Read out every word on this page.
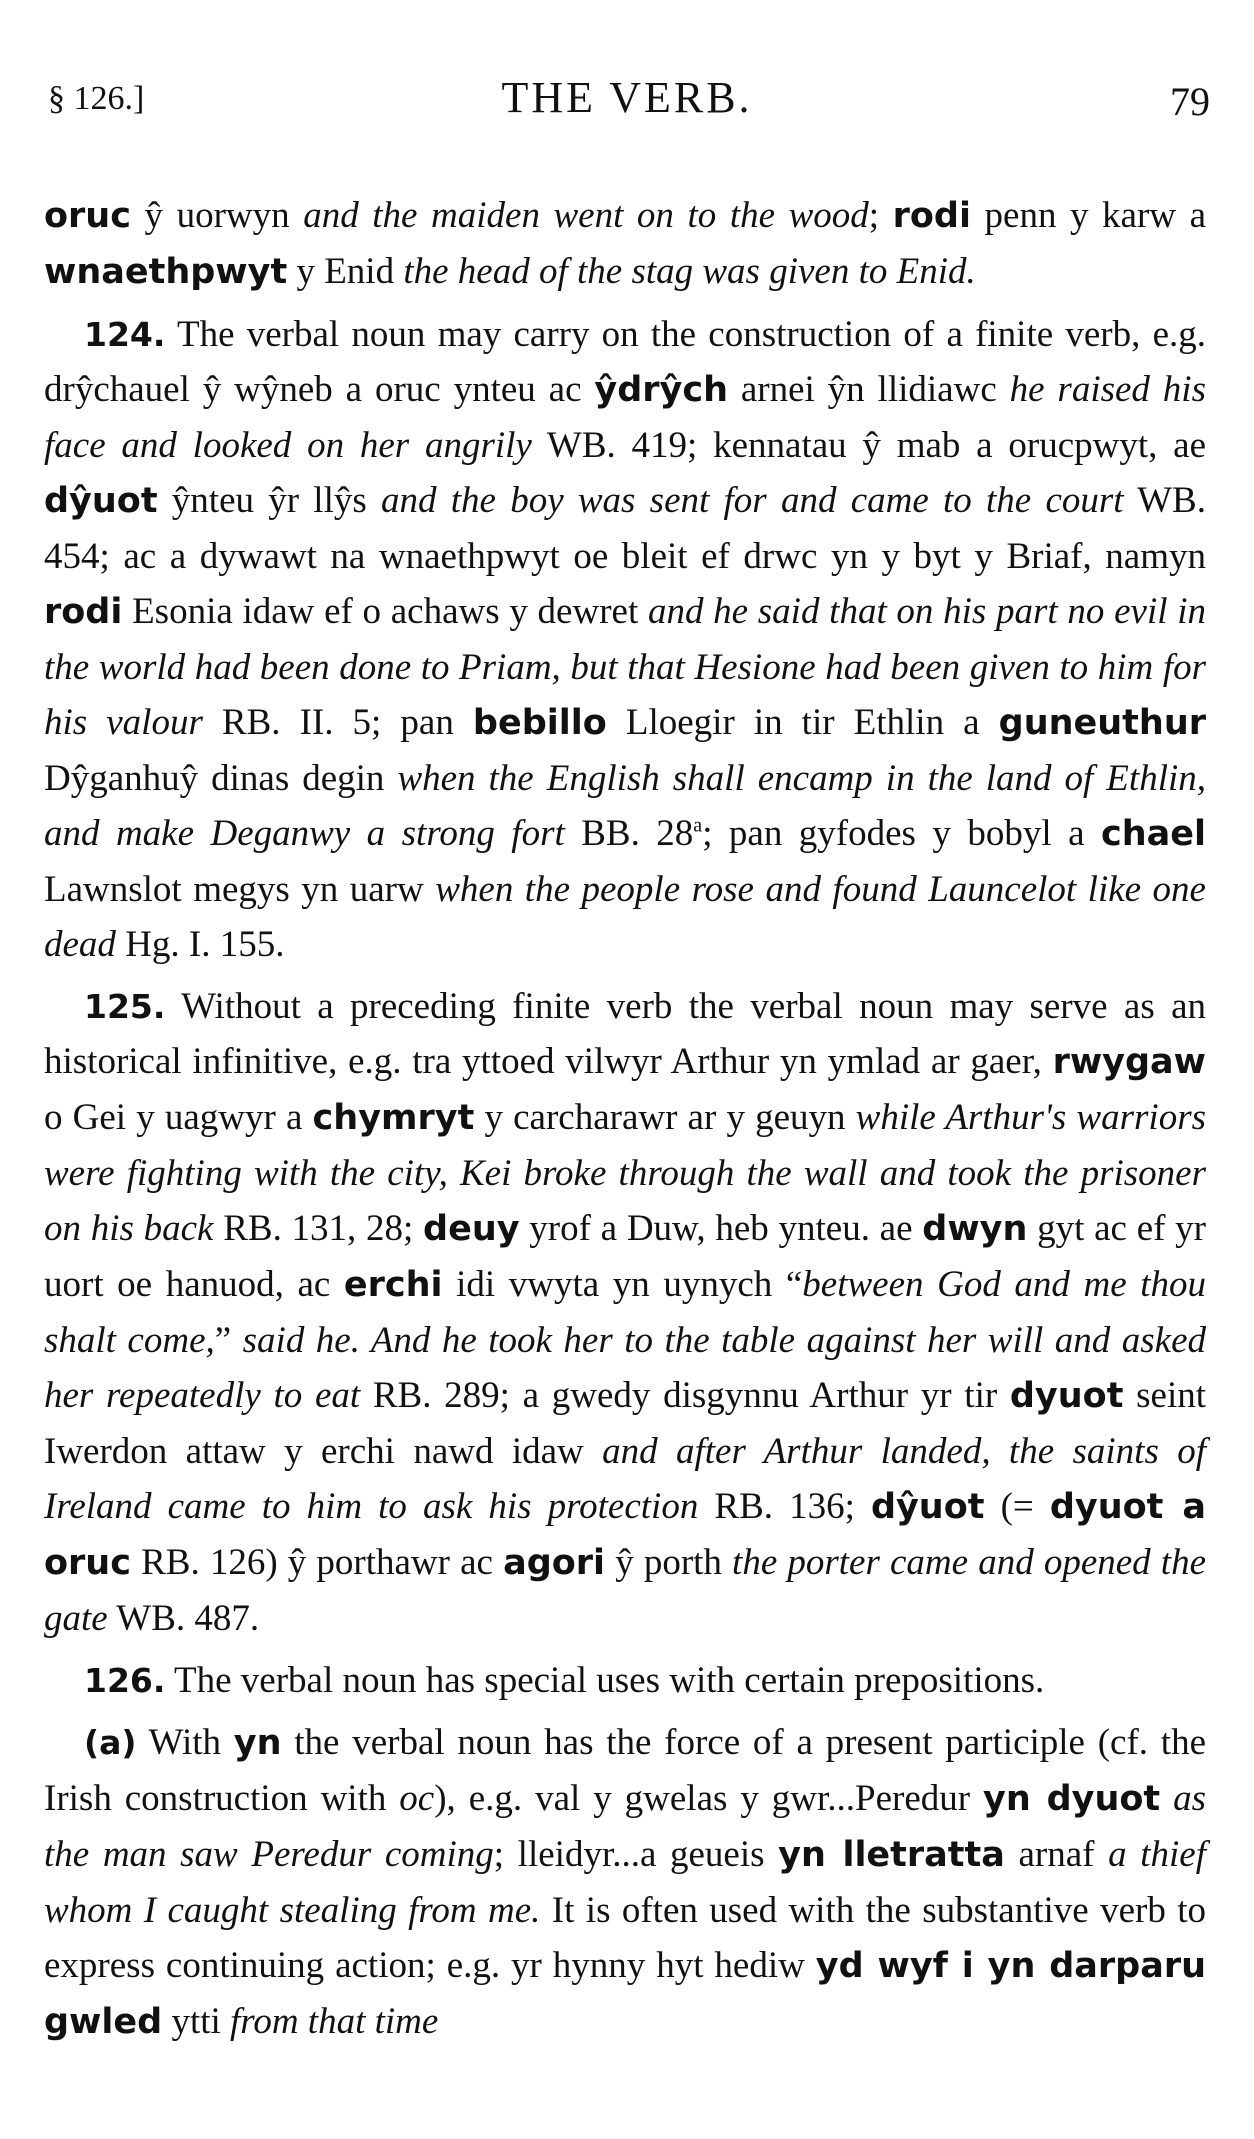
§ 126.]	THE VERB.	79

oruc ŷ uorwyn and the maiden went on to the wood; rodi penn y karw a wnaethpwyt y Enid the head of the stag was given to Enid.

124. The verbal noun may carry on the construction of a finite verb, e.g. drŷchauel ŷ wŷneb a oruc ynteu ac ŷdrŷch arnei ŷn llidiawc he raised his face and looked on her angrily WB. 419; kennatau ŷ mab a orucpwyt, ae dŷuot ŷnteu ŷr llŷs and the boy was sent for and came to the court WB. 454; ac a dywawt na wnaethpwyt oe bleit ef drwc yn y byt y Briaf, namyn rodi Esonia idaw ef o achaws y dewret and he said that on his part no evil in the world had been done to Priam, but that Hesione had been given to him for his valour RB. II. 5; pan bebillo Lloegir in tir Ethlin a guneuthur Dŷganhuŷ dinas degin when the English shall encamp in the land of Ethlin, and make Deganwy a strong fort BB. 28$^a$; pan gyfodes y bobyl a chael Lawnslot megys yn uarw when the people rose and found Launcelot like one dead Hg. I. 155.

125. Without a preceding finite verb the verbal noun may serve as an historical infinitive, e.g. tra yttoed vilwyr Arthur yn ymlad ar gaer, rwygaw o Gei y uagwyr a chymryt y carcharawr ar y geuyn while Arthur's warriors were fighting with the city, Kei broke through the wall and took the prisoner on his back RB. 131, 28; deuy yrof a Duw, heb ynteu. ae dwyn gyt ac ef yr uort oe hanuod, ac erchi idi vwyta yn uynych “between God and me thou shalt come,” said he. And he took her to the table against her will and asked her repeatedly to eat RB. 289; a gwedy disgynnu Arthur yr tir dyuot seint Iwerdon attaw y erchi nawd idaw and after Arthur landed, the saints of Ireland came to him to ask his protection RB. 136; dŷuot (= dyuot a oruc RB. 126) ŷ porthawr ac agori ŷ porth the porter came and opened the gate WB. 487.

126. The verbal noun has special uses with certain prepositions.

(a) With yn the verbal noun has the force of a present participle (cf. the Irish construction with oc), e.g. val y gwelas y gwr...Peredur yn dyuot as the man saw Peredur coming; lleidyr...a geueis yn lletratta arnaf a thief whom I caught stealing from me. It is often used with the substantive verb to express continuing action; e.g. yr hynny hyt hediw yd wyf i yn darparu gwled ytti from that time
